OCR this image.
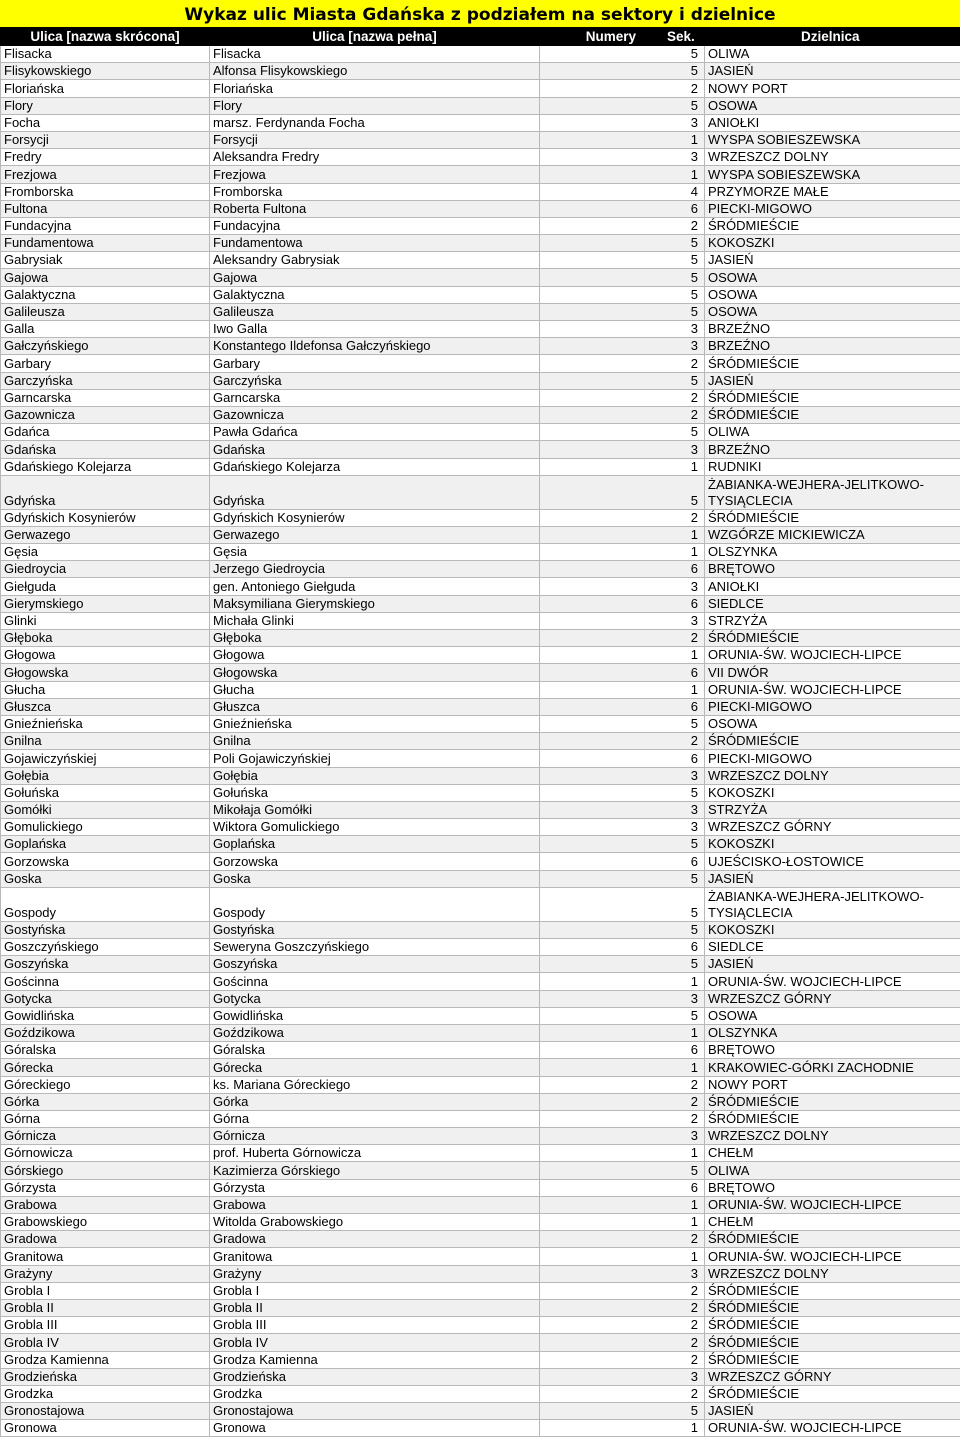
Wykaz ulic Miasta Gdańska z podziałem na sektory i dzielnice
Ulica [nazwa skrócona]	Ulica [nazwa pełna]	Numery	Sek.	Dzielnica
Flisacka	Flisacka		5	OLIWA
Flisykowskiego	Alfonsa Flisykowskiego		5	JASIEŃ
Floriańska	Floriańska		2	NOWY PORT
Flory	Flory		5	OSOWA
Focha	marsz. Ferdynanda Focha		3	ANIOŁKI
Forsycji	Forsycji		1	WYSPA SOBIESZEWSKA
Fredry	Aleksandra Fredry		3	WRZESZCZ DOLNY
Frezjowa	Frezjowa		1	WYSPA SOBIESZEWSKA
Fromborska	Fromborska		4	PRZYMORZE MAŁE
Fultona	Roberta Fultona		6	PIECKI-MIGOWO
Fundacyjna	Fundacyjna		2	ŚRÓDMIEŚCIE
Fundamentowa	Fundamentowa		5	KOKOSZKI
Gabrysiak	Aleksandry Gabrysiak		5	JASIEŃ
Gajowa	Gajowa		5	OSOWA
Galaktyczna	Galaktyczna		5	OSOWA
Galileusza	Galileusza		5	OSOWA
Galla	Iwo Galla		3	BRZEŹNO
Gałczyńskiego	Konstantego Ildefonsa Gałczyńskiego		3	BRZEŹNO
Garbary	Garbary		2	ŚRÓDMIEŚCIE
Garczyńska	Garczyńska		5	JASIEŃ
Garncarska	Garncarska		2	ŚRÓDMIEŚCIE
Gazownicza	Gazownicza		2	ŚRÓDMIEŚCIE
Gdańca	Pawła Gdańca		5	OLIWA
Gdańska	Gdańska		3	BRZEŹNO
Gdańskiego Kolejarza	Gdańskiego Kolejarza		1	RUDNIKI
Gdyńska	Gdyńska		5	ŻABIANKA-WEJHERA-JELITKOWO-TYSIĄCLECIA
Gdyńskich Kosynierów	Gdyńskich Kosynierów		2	ŚRÓDMIEŚCIE
Gerwazego	Gerwazego		1	WZGÓRZE MICKIEWICZA
Gęsia	Gęsia		1	OLSZYNKA
Giedroycia	Jerzego Giedroycia		6	BRĘTOWO
Giełguda	gen. Antoniego Giełguda		3	ANIOŁKI
Gierymskiego	Maksymiliana Gierymskiego		6	SIEDLCE
Glinki	Michała Glinki		3	STRZYŻA
Głęboka	Głęboka		2	ŚRÓDMIEŚCIE
Głogowa	Głogowa		1	ORUNIA-ŚW. WOJCIECH-LIPCE
Głogowska	Głogowska		6	VII DWÓR
Głucha	Głucha		1	ORUNIA-ŚW. WOJCIECH-LIPCE
Głuszca	Głuszca		6	PIECKI-MIGOWO
Gnieźnieńska	Gnieźnieńska		5	OSOWA
Gnilna	Gnilna		2	ŚRÓDMIEŚCIE
Gojawiczyńskiej	Poli Gojawiczyńskiej		6	PIECKI-MIGOWO
Gołębia	Gołębia		3	WRZESZCZ DOLNY
Gołuńska	Gołuńska		5	KOKOSZKI
Gomółki	Mikołaja Gomółki		3	STRZYŻA
Gomulickiego	Wiktora Gomulickiego		3	WRZESZCZ GÓRNY
Goplańska	Goplańska		5	KOKOSZKI
Gorzowska	Gorzowska		6	UJEŚCISKO-ŁOSTOWICE
Goska	Goska		5	JASIEŃ
Gospody	Gospody		5	ŻABIANKA-WEJHERA-JELITKOWO-TYSIĄCLECIA
Gostyńska	Gostyńska		5	KOKOSZKI
Goszczyńskiego	Seweryna Goszczyńskiego		6	SIEDLCE
Goszyńska	Goszyńska		5	JASIEŃ
Gościnna	Gościnna		1	ORUNIA-ŚW. WOJCIECH-LIPCE
Gotycka	Gotycka		3	WRZESZCZ GÓRNY
Gowidlińska	Gowidlińska		5	OSOWA
Goździkowa	Goździkowa		1	OLSZYNKA
Góralska	Góralska		6	BRĘTOWO
Górecka	Górecka		1	KRAKOWIEC-GÓRKI ZACHODNIE
Góreckiego	ks. Mariana Góreckiego		2	NOWY PORT
Górka	Górka		2	ŚRÓDMIEŚCIE
Górna	Górna		2	ŚRÓDMIEŚCIE
Górnicza	Górnicza		3	WRZESZCZ DOLNY
Górnowicza	prof. Huberta Górnowicza		1	CHEŁM
Górskiego	Kazimierza Górskiego		5	OLIWA
Górzysta	Górzysta		6	BRĘTOWO
Grabowa	Grabowa		1	ORUNIA-ŚW. WOJCIECH-LIPCE
Grabowskiego	Witolda Grabowskiego		1	CHEŁM
Gradowa	Gradowa		2	ŚRÓDMIEŚCIE
Granitowa	Granitowa		1	ORUNIA-ŚW. WOJCIECH-LIPCE
Grażyny	Grażyny		3	WRZESZCZ DOLNY
Grobla I	Grobla I		2	ŚRÓDMIEŚCIE
Grobla II	Grobla II		2	ŚRÓDMIEŚCIE
Grobla III	Grobla III		2	ŚRÓDMIEŚCIE
Grobla IV	Grobla IV		2	ŚRÓDMIEŚCIE
Grodza Kamienna	Grodza Kamienna		2	ŚRÓDMIEŚCIE
Grodzieńska	Grodzieńska		3	WRZESZCZ GÓRNY
Grodzka	Grodzka		2	ŚRÓDMIEŚCIE
Gronostajowa	Gronostajowa		5	JASIEŃ
Gronowa	Gronowa		1	ORUNIA-ŚW. WOJCIECH-LIPCE
